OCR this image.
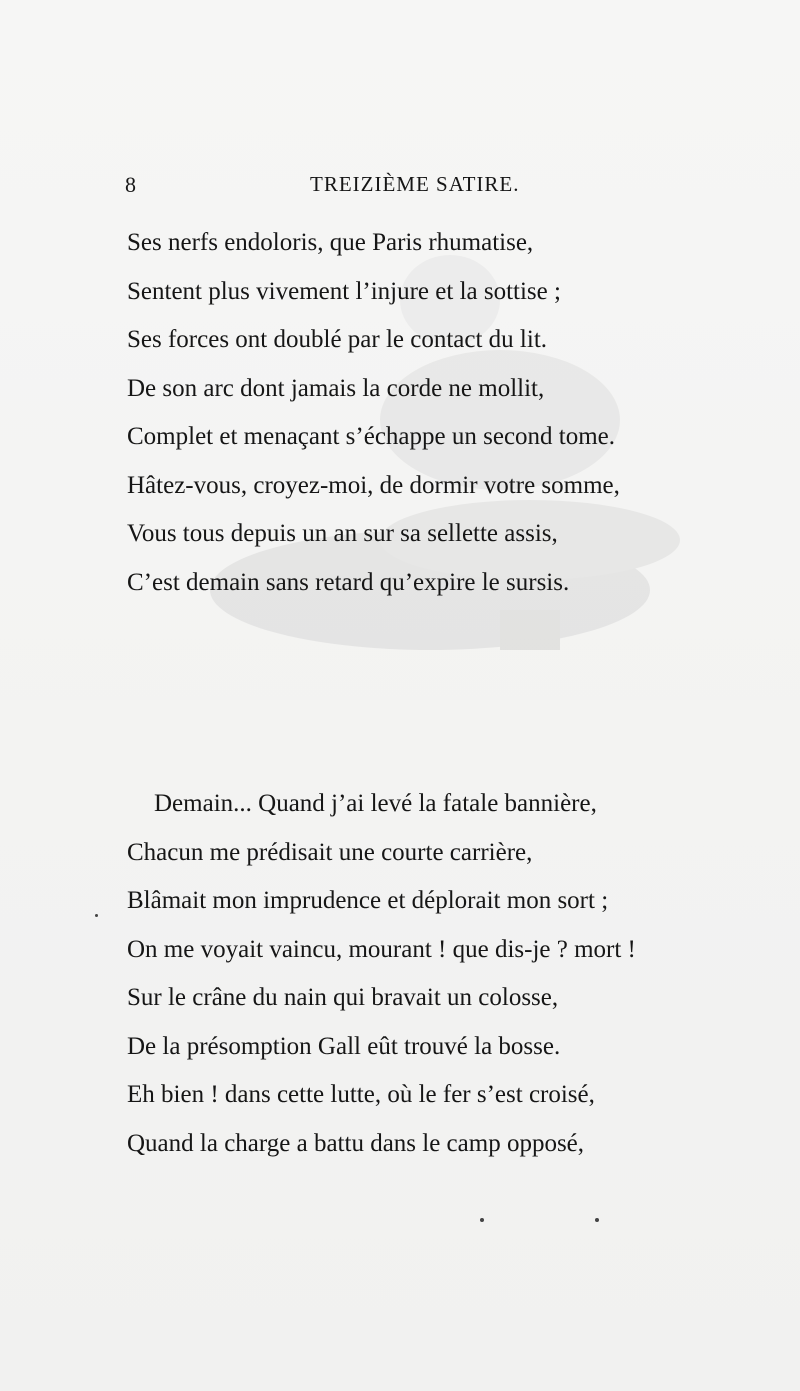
8	TREIZIÈME SATIRE.
Ses nerfs endoloris, que Paris rhumatise,
Sentent plus vivement l’injure et la sottise ;
Ses forces ont doublé par le contact du lit.
De son arc dont jamais la corde ne mollit,
Complet et menaçant s’échappe un second tome.
Hâtez-vous, croyez-moi, de dormir votre somme,
Vous tous depuis un an sur sa sellette assis,
C’est demain sans retard qu’expire le sursis.
Demain... Quand j’ai levé la fatale bannière,
Chacun me prédisait une courte carrière,
Blâmait mon imprudence et déplorait mon sort ;
On me voyait vaincu, mourant ! que dis-je ? mort !
Sur le crâne du nain qui bravait un colosse,
De la présomption Gall eût trouvé la bosse.
Eh bien ! dans cette lutte, où le fer s’est croisé,
Quand la charge a battu dans le camp opposé,
